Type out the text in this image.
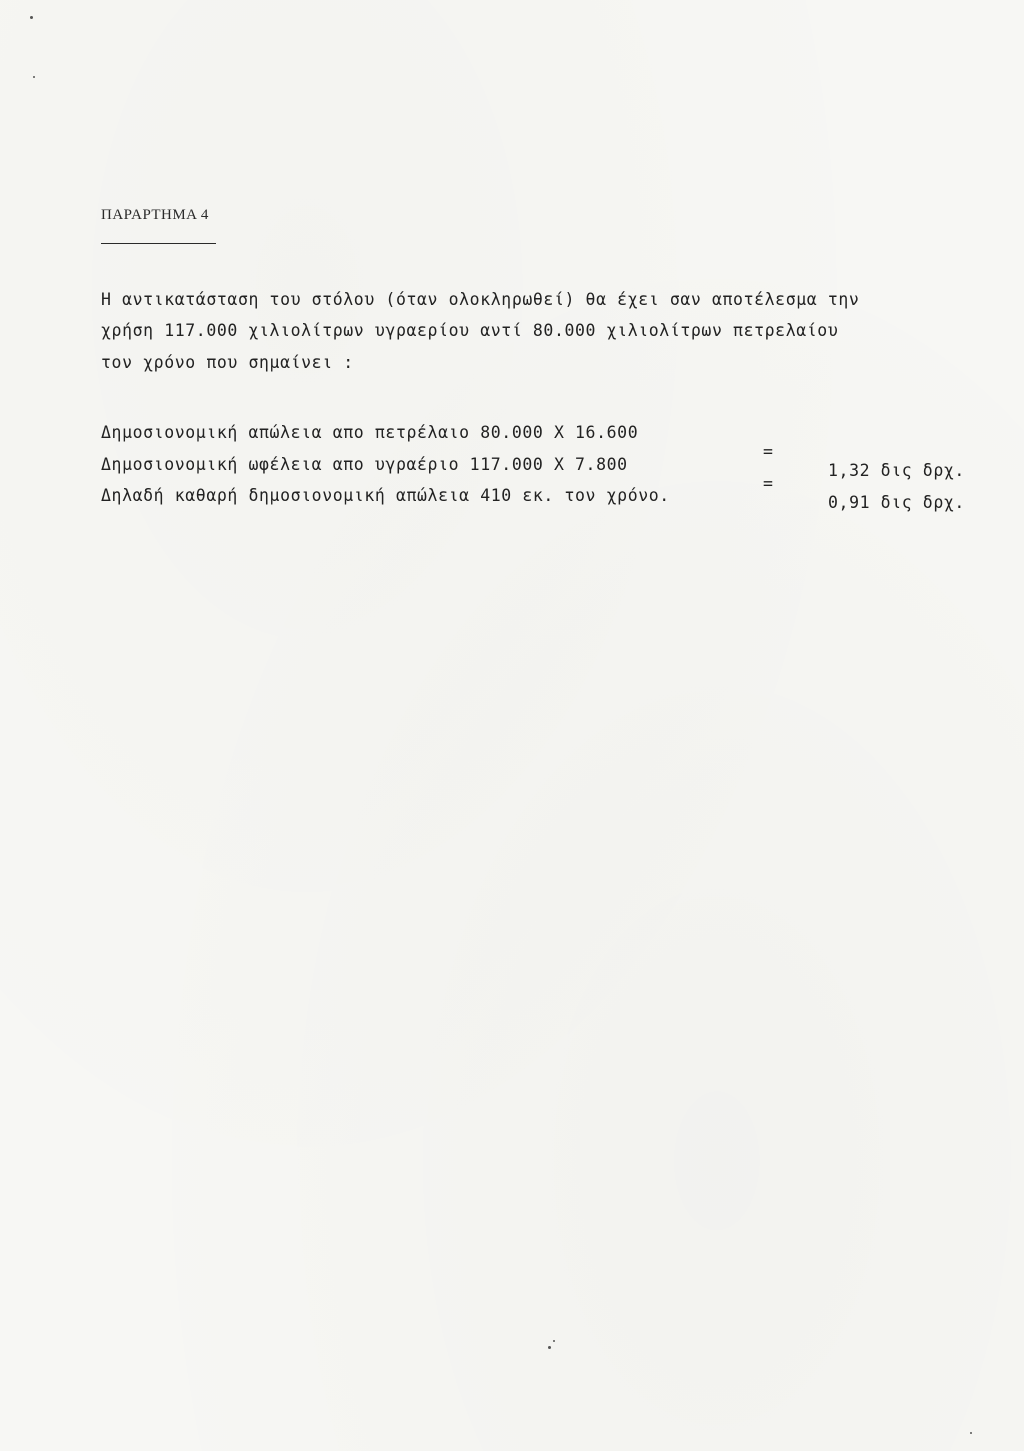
ΠΑΡΑΡΤΗΜΑ 4
Η αντικατάσταση του στόλου (όταν ολοκληρωθεί) θα έχει σαν αποτέλεσμα την
χρήση 117.000 χιλιολίτρων υγραερίου αντί 80.000 χιλιολίτρων πετρελαίου
τον χρόνο που σημαίνει :

Δημοσιονομική απώλεια απο πετρέλαιο 80.000 Χ 16.600

=

1,32 δις δρχ.

Δημοσιονομική ωφέλεια απο υγραέριο 117.000 Χ 7.800

=

0,91 δις δρχ.

Δηλαδή καθαρή δημοσιονομική απώλεια 410 εκ. τον χρόνο.
